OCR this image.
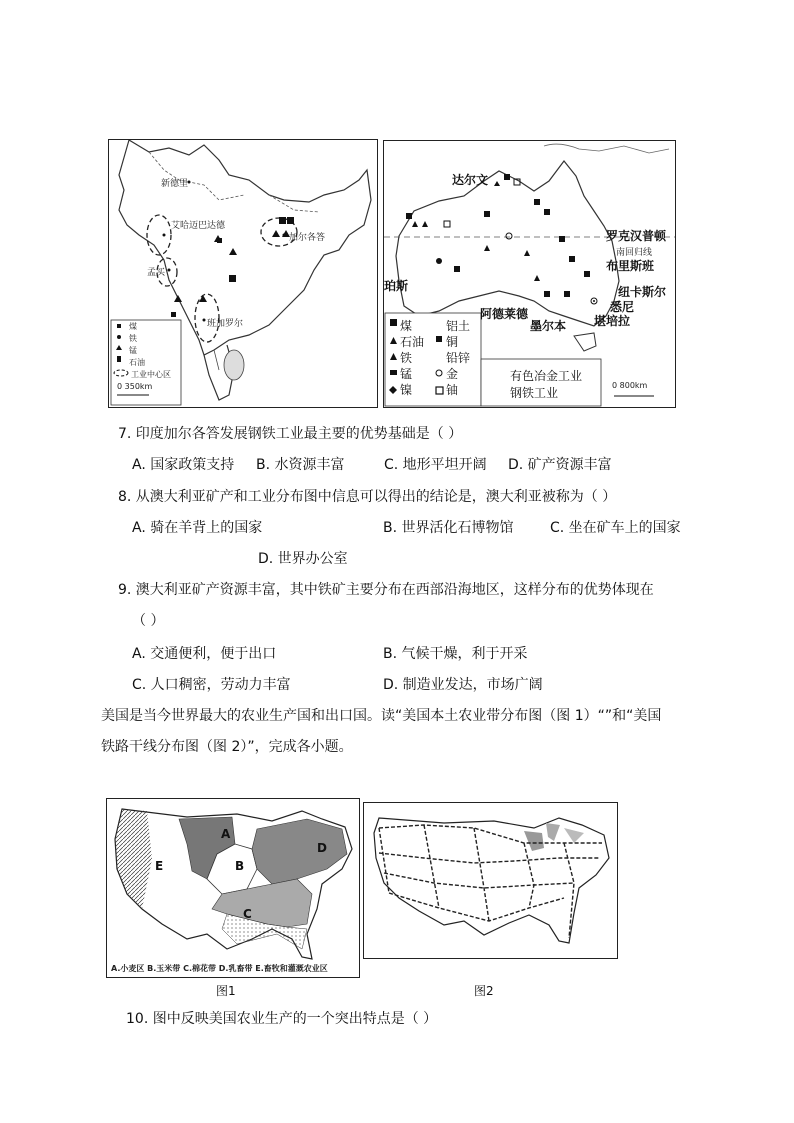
新德里
艾哈迈巴达德
加尔各答
孟买
班加罗尔
煤
铁
锰
石油
工业中心区
0 350km
达尔文
罗克汉普顿
南回归线
布里斯班
珀斯
阿德莱德
纽卡斯尔
悉尼
墨尔本 堪培拉
煤	铝土
石油 铜
铁	铅锌
锰	金
镍	铀
有色冶金工业
钢铁工业
0 800km
7. 印度加尔各答发展钢铁工业最主要的优势基础是（ ）
A. 国家政策支持 B. 水资源丰富	C. 地形平坦开阔 D. 矿产资源丰富
8. 从澳大利亚矿产和工业分布图中信息可以得出的结论是，澳大利亚被称为（ ）
A. 骑在羊背上的国家	B. 世界活化石博物馆	C. 坐在矿车上的国家
D. 世界办公室
9. 澳大利亚矿产资源丰富，其中铁矿主要分布在西部沿海地区，这样分布的优势体现在
（ ）
A. 交通便利，便于出口	B. 气候干燥，利于开采
C. 人口稠密，劳动力丰富	D. 制造业发达，市场广阔
美国是当今世界最大的农业生产国和出口国。读“美国本土农业带分布图（图 1）“”和“美国
铁路干线分布图（图 2）”，完成各小题。
A
B
C
D
E
A.小麦区 B.玉米带 C.棉花带 D.乳畜带 E.畜牧和灌溉农业区
图1	图2
10. 图中反映美国农业生产的一个突出特点是（ ）
